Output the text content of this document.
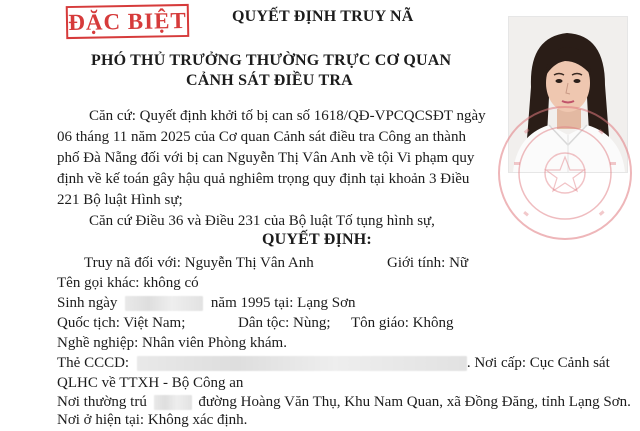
ĐẶC BIỆT	QUYẾT ĐỊNH TRUY NÃ
PHÓ THỦ TRƯỞNG THƯỜNG TRỰC CƠ QUAN
CẢNH SÁT ĐIỀU TRA
Căn cứ: Quyết định khởi tố bị can số 1618/QĐ-VPCQCSĐT ngày
06 tháng 11 năm 2025 của Cơ quan Cảnh sát điều tra Công an thành
phố Đà Nẵng đối với bị can Nguyễn Thị Vân Anh về tội Vi phạm quy
định về kế toán gây hậu quả nghiêm trọng quy định tại khoản 3 Điều
221 Bộ luật Hình sự;
Căn cứ Điều 36 và Điều 231 của Bộ luật Tố tụng hình sự,
QUYẾT ĐỊNH:
Truy nã đối với: Nguyễn Thị Vân Anh	Giới tính: Nữ
Tên gọi khác: không có
Sinh ngày	năm 1995 tại: Lạng Sơn
Quốc tịch: Việt Nam;	Dân tộc: Nùng; Tôn giáo: Không
Nghề nghiệp: Nhân viên Phòng khám.
Thẻ CCCD:	. Nơi cấp: Cục Cảnh sát
QLHC về TTXH - Bộ Công an
Nơi thường trú	đường Hoàng Văn Thụ, Khu Nam Quan, xã Đồng Đăng, tỉnh Lạng Sơn.
Nơi ở hiện tại: Không xác định.
